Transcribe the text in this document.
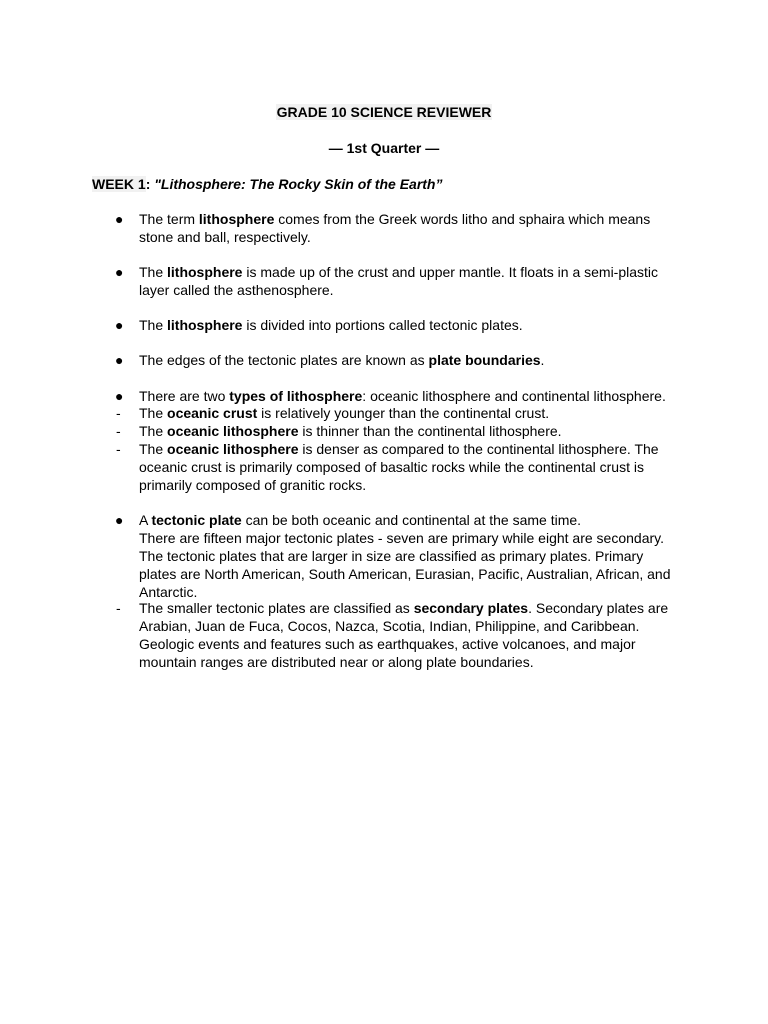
GRADE 10 SCIENCE REVIEWER
— 1st Quarter —
WEEK 1: "Lithosphere: The Rocky Skin of the Earth”
●	The term lithosphere comes from the Greek words litho and sphaira which means stone and ball, respectively.
●	The lithosphere is made up of the crust and upper mantle. It floats in a semi-plastic layer called the asthenosphere.
●	The lithosphere is divided into portions called tectonic plates.
●	The edges of the tectonic plates are known as plate boundaries.
●	There are two types of lithosphere: oceanic lithosphere and continental lithosphere.
-	The oceanic crust is relatively younger than the continental crust.
-	The oceanic lithosphere is thinner than the continental lithosphere.
-	The oceanic lithosphere is denser as compared to the continental lithosphere. The oceanic crust is primarily composed of basaltic rocks while the continental crust is primarily composed of granitic rocks.
●	A tectonic plate can be both oceanic and continental at the same time.
There are fifteen major tectonic plates - seven are primary while eight are secondary. The tectonic plates that are larger in size are classified as primary plates. Primary plates are North American, South American, Eurasian, Pacific, Australian, African, and Antarctic.
-	The smaller tectonic plates are classified as secondary plates. Secondary plates are Arabian, Juan de Fuca, Cocos, Nazca, Scotia, Indian, Philippine, and Caribbean. Geologic events and features such as earthquakes, active volcanoes, and major mountain ranges are distributed near or along plate boundaries.
